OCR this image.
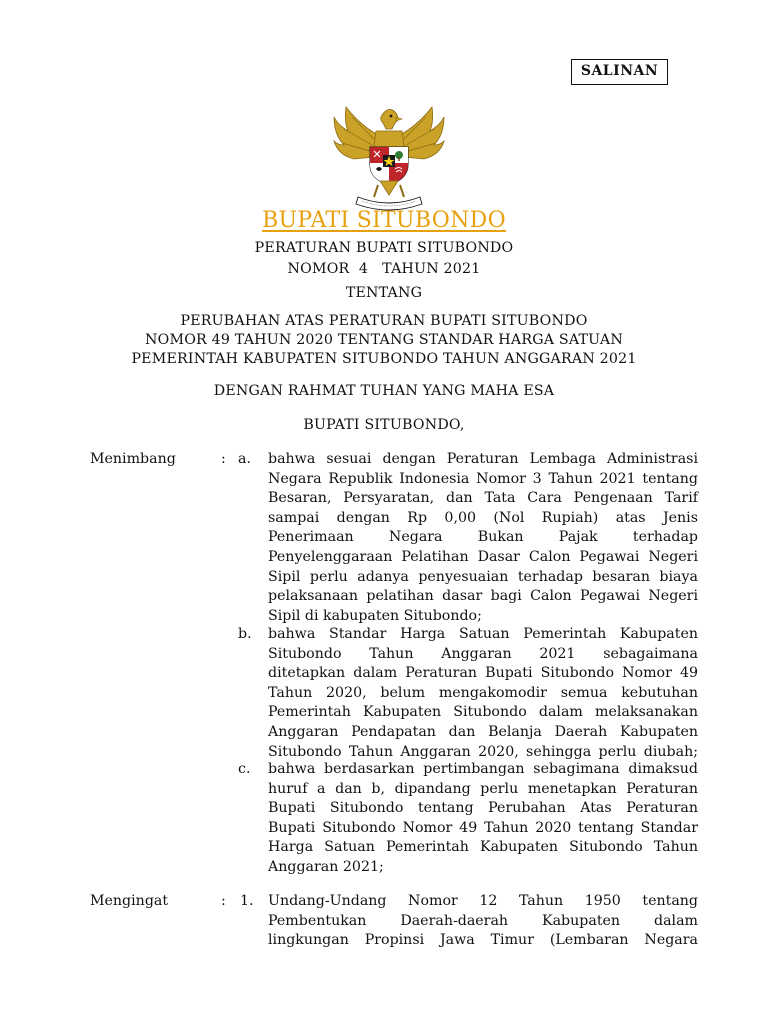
SALINAN
BUPATI SITUBONDO
PERATURAN BUPATI SITUBONDO
NOMOR  4   TAHUN 2021
TENTANG
PERUBAHAN ATAS PERATURAN BUPATI SITUBONDO
NOMOR 49 TAHUN 2020 TENTANG STANDAR HARGA SATUAN
PEMERINTAH KABUPATEN SITUBONDO TAHUN ANGGARAN 2021
DENGAN RAHMAT TUHAN YANG MAHA ESA
BUPATI SITUBONDO,
Menimbang	: a. bahwa sesuai dengan Peraturan Lembaga Administrasi
Negara Republik Indonesia Nomor 3 Tahun 2021 tentang
Besaran, Persyaratan, dan Tata Cara Pengenaan Tarif
sampai dengan Rp 0,00 (Nol Rupiah) atas Jenis
Penerimaan Negara Bukan Pajak terhadap
Penyelenggaraan Pelatihan Dasar Calon Pegawai Negeri
Sipil perlu adanya penyesuaian terhadap besaran biaya
pelaksanaan pelatihan dasar bagi Calon Pegawai Negeri
Sipil di kabupaten Situbondo;
b. bahwa Standar Harga Satuan Pemerintah Kabupaten
Situbondo Tahun Anggaran 2021 sebagaimana
ditetapkan dalam Peraturan Bupati Situbondo Nomor 49
Tahun 2020, belum mengakomodir semua kebutuhan
Pemerintah Kabupaten Situbondo dalam melaksanakan
Anggaran Pendapatan dan Belanja Daerah Kabupaten
Situbondo Tahun Anggaran 2020, sehingga perlu diubah;
c. bahwa berdasarkan pertimbangan sebagimana dimaksud
huruf a dan b, dipandang perlu menetapkan Peraturan
Bupati Situbondo tentang Perubahan Atas Peraturan
Bupati Situbondo Nomor 49 Tahun 2020 tentang Standar
Harga Satuan Pemerintah Kabupaten Situbondo Tahun
Anggaran 2021;
Mengingat	: 1. Undang-Undang Nomor 12 Tahun 1950 tentang
Pembentukan Daerah-daerah Kabupaten dalam
lingkungan Propinsi Jawa Timur (Lembaran Negara
